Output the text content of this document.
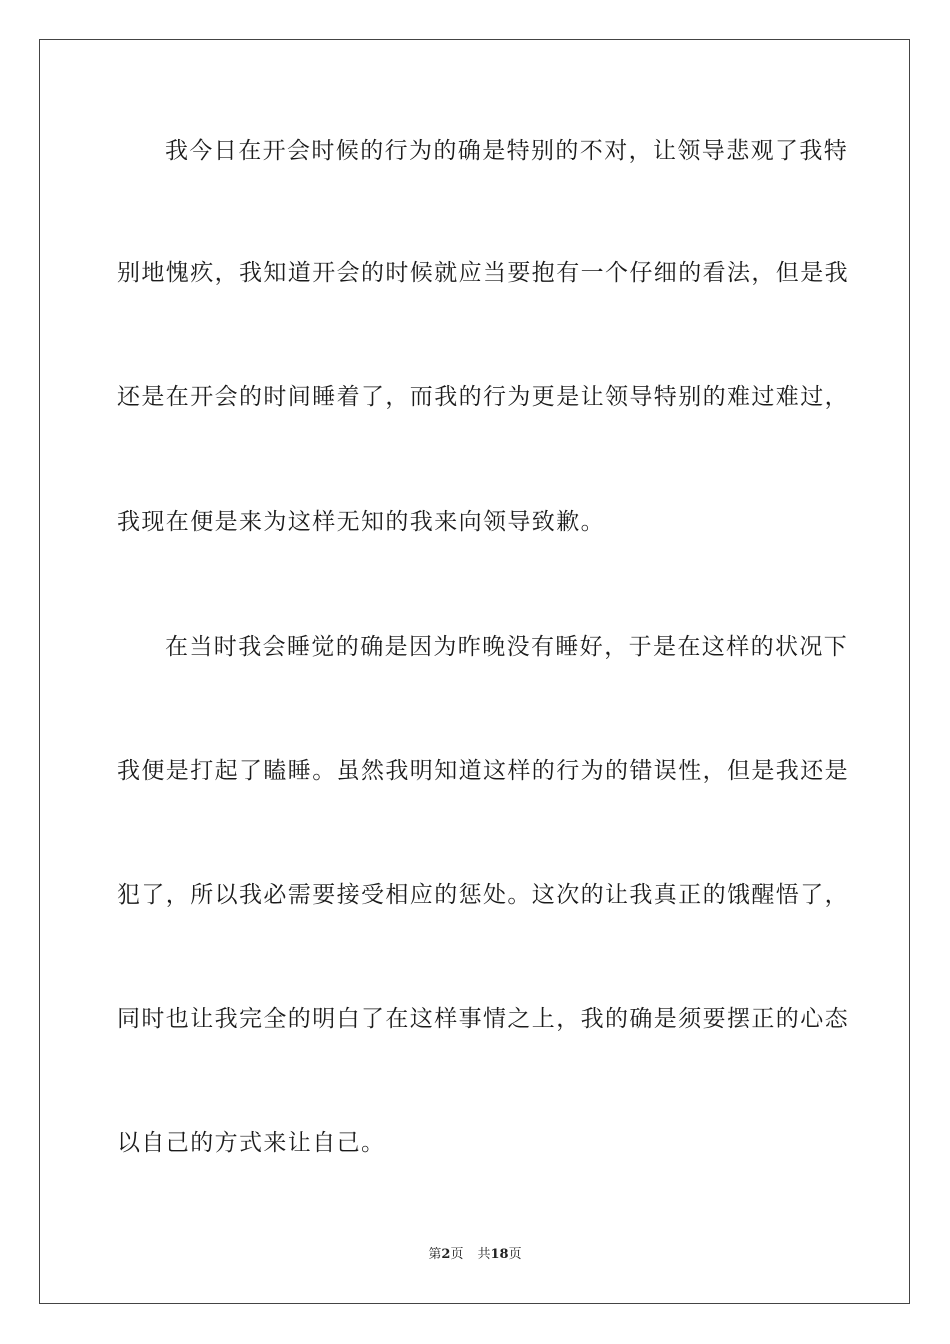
我今日在开会时候的行为的确是特别的不对，让领导悲观了我特
别地愧疚，我知道开会的时候就应当要抱有一个仔细的看法，但是我
还是在开会的时间睡着了，而我的行为更是让领导特别的难过难过，
我现在便是来为这样无知的我来向领导致歉。
在当时我会睡觉的确是因为昨晚没有睡好，于是在这样的状况下
我便是打起了瞌睡。虽然我明知道这样的行为的错误性，但是我还是
犯了，所以我必需要接受相应的惩处。这次的让我真正的饿醒悟了，
同时也让我完全的明白了在这样事情之上，我的确是须要摆正的心态
以自己的方式来让自己。
第2页 共18页
